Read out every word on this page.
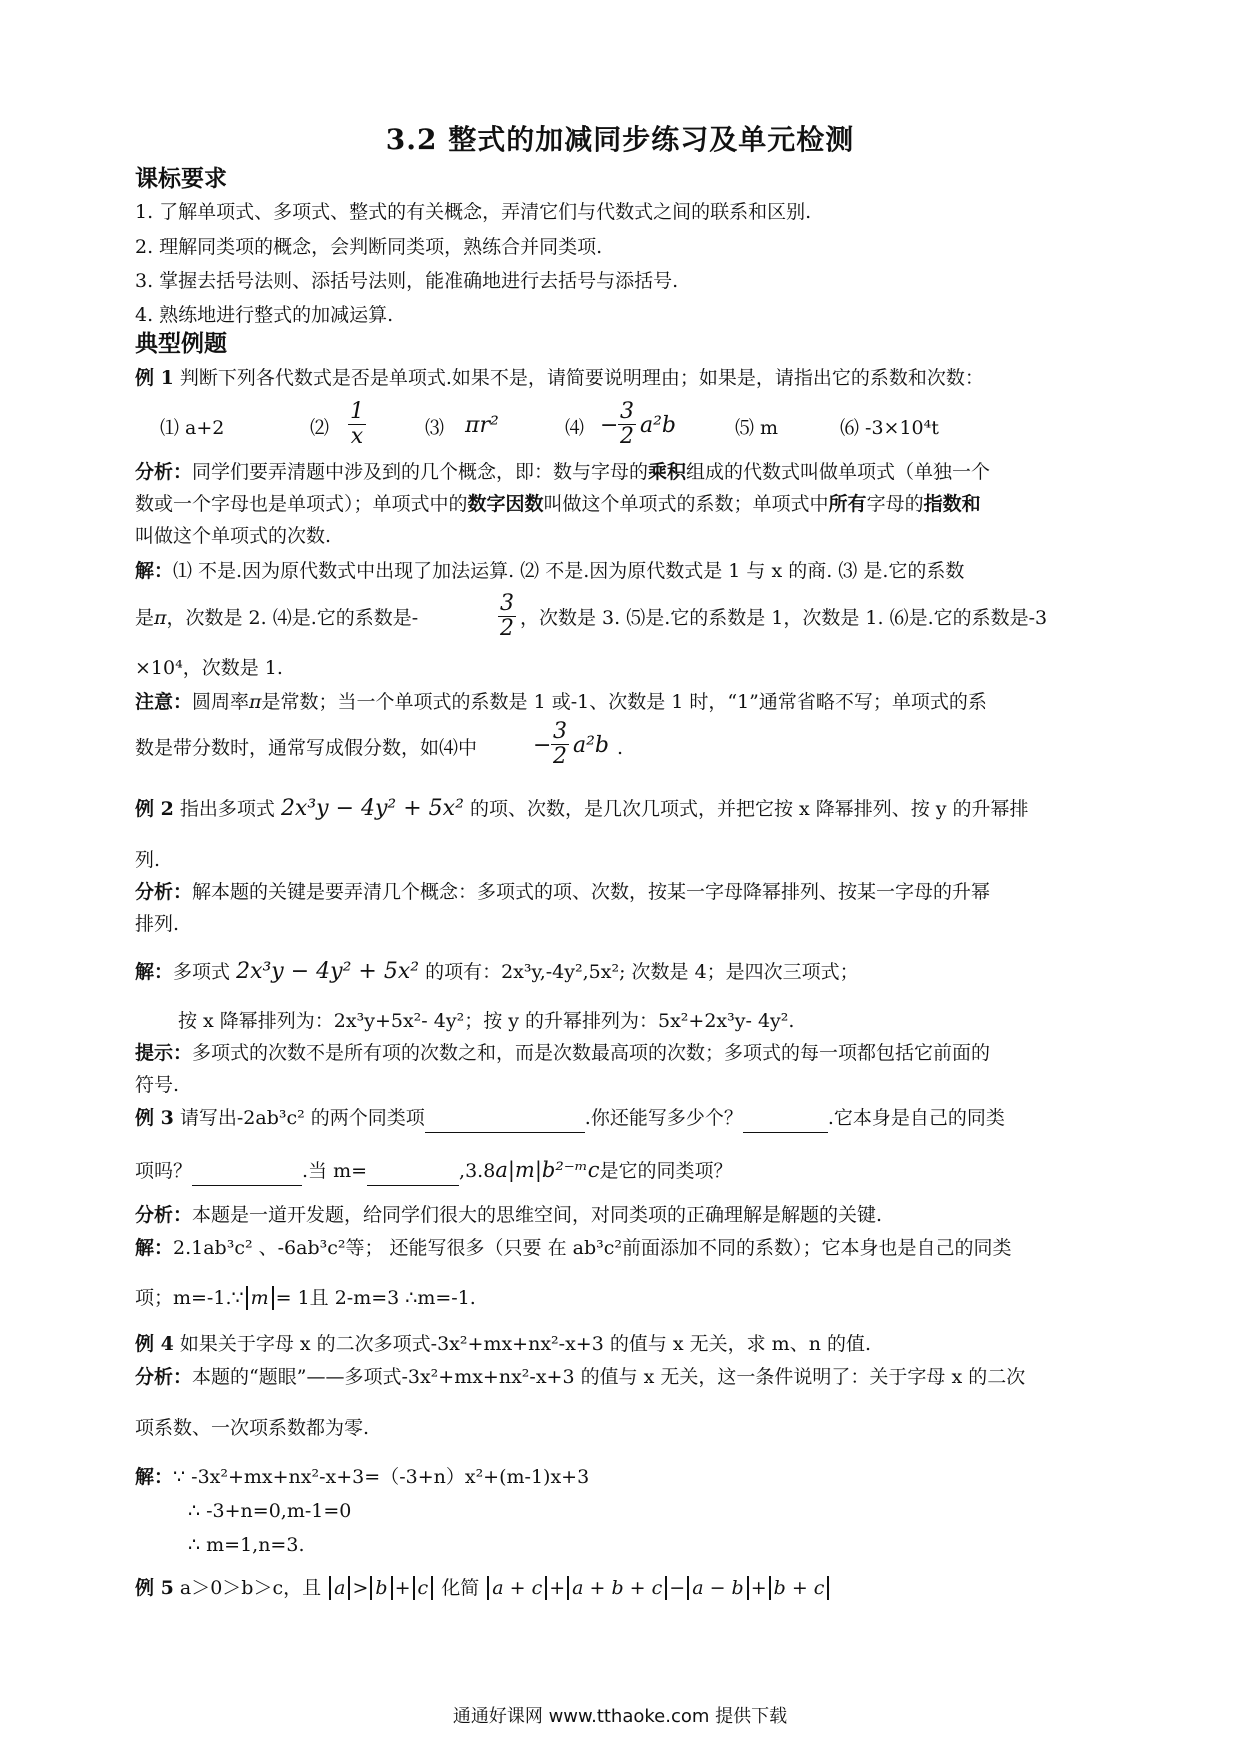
3.2 整式的加减同步练习及单元检测
课标要求
1. 了解单项式、多项式、整式的有关概念，弄清它们与代数式之间的联系和区别.
2. 理解同类项的概念，会判断同类项，熟练合并同类项.
3. 掌握去括号法则、添括号法则，能准确地进行去括号与添括号.
4. 熟练地进行整式的加减运算.
典型例题
例 1 判断下列各代数式是否是单项式.如果不是，请简要说明理由；如果是，请指出它的系数和次数：
⑴ a+2	⑵ $\frac{1}{x}$	⑶ πr²	⑷ − $\frac{3}{2} a^2b$	⑸ m	⑹ -3×10⁴t
分析：同学们要弄清题中涉及到的几个概念，即：数与字母的乘积组成的代数式叫做单项式（单独一个
数或一个字母也是单项式）；单项式中的数字因数叫做这个单项式的系数；单项式中所有字母的指数和
叫做这个单项式的次数.
解：⑴ 不是.因为原代数式中出现了加法运算. ⑵ 不是.因为原代数式是 1 与 x 的商. ⑶ 是.它的系数
是π，次数是 2. ⑷是.它的系数是-	$\frac{3}{2}$ ，次数是 3. ⑸是.它的系数是 1，次数是 1. ⑹是.它的系数是-3
×10⁴，次数是 1.
注意：圆周率π是常数；当一个单项式的系数是 1 或-1、次数是 1 时，“1”通常省略不写；单项式的系
数是带分数时，通常写成假分数，如⑷中	− $\frac{3}{2} a^2b$ .
例 2 指出多项式 2x³y − 4y² + 5x² 的项、次数，是几次几项式，并把它按 x 降幂排列、按 y 的升幂排
列.
分析：解本题的关键是要弄清几个概念：多项式的项、次数，按某一字母降幂排列、按某一字母的升幂
排列.
解：多项式 2x³y − 4y² + 5x² 的项有：2x³y,-4y²,5x²; 次数是 4；是四次三项式；
按 x 降幂排列为：2x³y+5x²- 4y²；按 y 的升幂排列为：5x²+2x³y- 4y².
提示：多项式的次数不是所有项的次数之和，而是次数最高项的次数；多项式的每一项都包括它前面的
符号.
例 3 请写出-2ab³c² 的两个同类项	.你还能写多少个？	.它本身是自己的同类
项吗？	.当 m=	,3.8a|m|b²⁻ᵐc是它的同类项？
分析：本题是一道开发题，给同学们很大的思维空间，对同类项的正确理解是解题的关键.
解：2.1ab³c² 、-6ab³c²等； 还能写很多（只要 在 ab³c²前面添加不同的系数）；它本身也是自己的同类
项；m=-1.∵ m = 1且 2-m=3 ∴m=-1.
例 4 如果关于字母 x 的二次多项式-3x²+mx+nx²-x+3 的值与 x 无关，求 m、n 的值.
分析：本题的“题眼”——多项式-3x²+mx+nx²-x+3 的值与 x 无关，这一条件说明了：关于字母 x 的二次
项系数、一次项系数都为零.
解：∵ -3x²+mx+nx²-x+3=（-3+n）x²+(m-1)x+3
∴ -3+n=0,m-1=0
∴ m=1,n=3.
例 5 a＞0＞b＞c，且 a > b + c 化简 a + c + a + b + c − a − b + b + c
通通好课网 www.tthaoke.com 提供下载
